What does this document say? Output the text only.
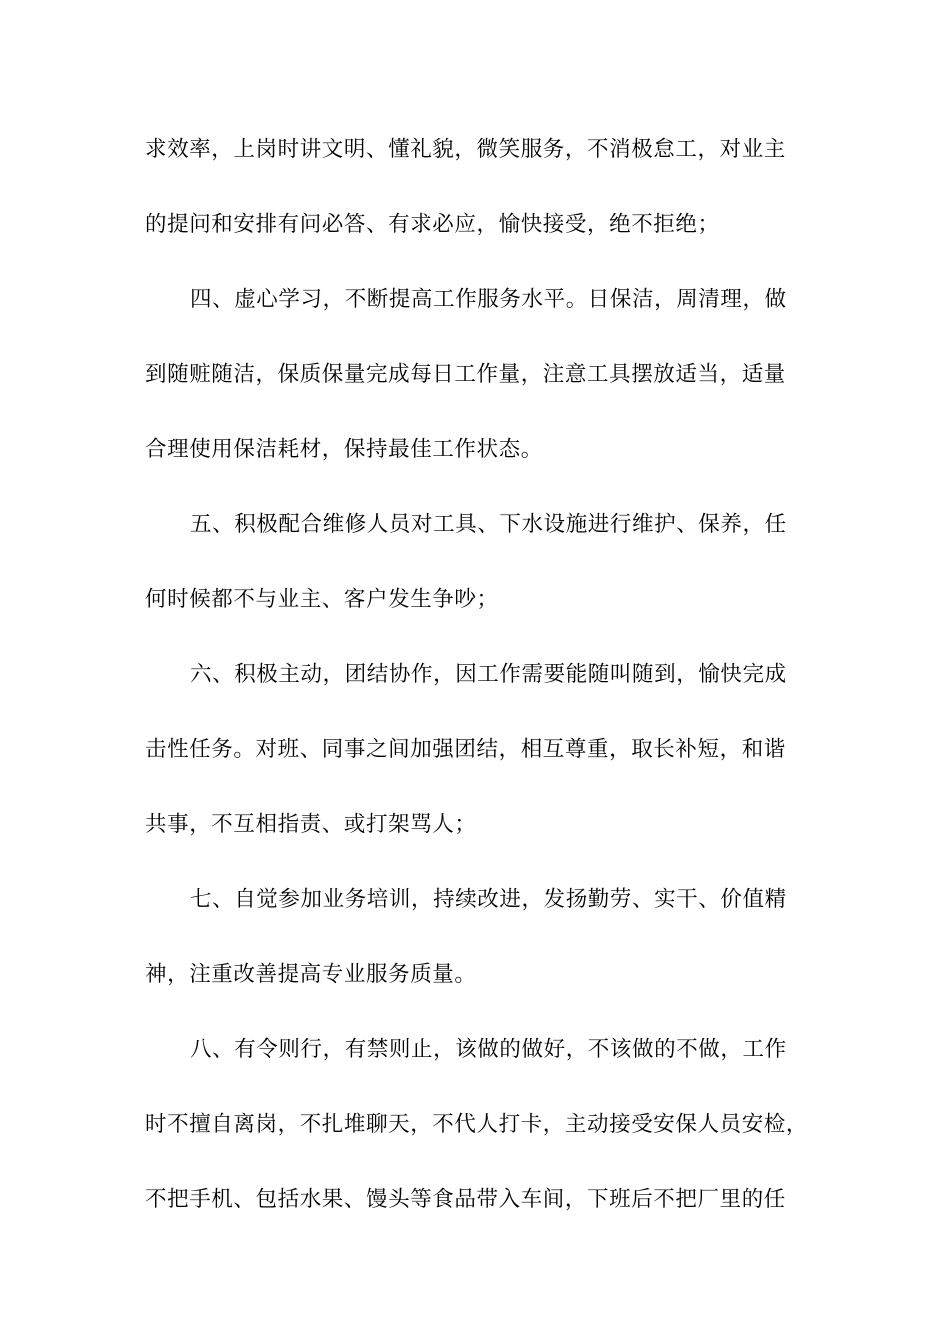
求效率，上岗时讲文明、懂礼貌，微笑服务，不消极怠工，对业主
的提问和安排有问必答、有求必应，愉快接受，绝不拒绝；
四、虚心学习，不断提高工作服务水平。日保洁，周清理，做
到随赃随洁，保质保量完成每日工作量，注意工具摆放适当，适量
合理使用保洁耗材，保持最佳工作状态。
五、积极配合维修人员对工具、下水设施进行维护、保养，任
何时候都不与业主、客户发生争吵；
六、积极主动，团结协作，因工作需要能随叫随到，愉快完成
击性任务。对班、同事之间加强团结，相互尊重，取长补短，和谐
共事，不互相指责、或打架骂人；
七、自觉参加业务培训，持续改进，发扬勤劳、实干、价值精
神，注重改善提高专业服务质量。
八、有令则行，有禁则止，该做的做好，不该做的不做，工作
时不擅自离岗，不扎堆聊天，不代人打卡，主动接受安保人员安检，
不把手机、包括水果、馒头等食品带入车间，下班后不把厂里的任
